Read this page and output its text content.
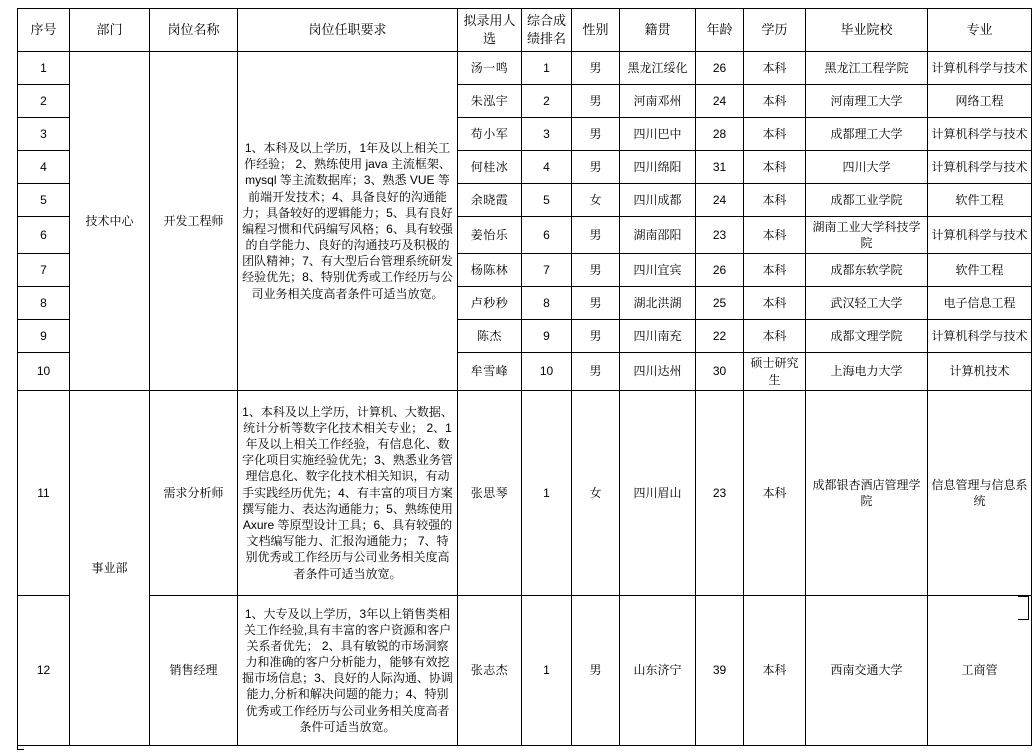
序号	部门	岗位名称	岗位任职要求	拟录用人选	综合成绩排名	性别	籍贯	年龄	学历	毕业院校	专业
1	技术中心	开发工程师	1、本科及以上学历，1年及以上相关工作经验； 2、熟练使用 java 主流框架、mysql 等主流数据库；3、熟悉 VUE 等前端开发技术；4、具备良好的沟通能力；具备较好的逻辑能力；5、具有良好编程习惯和代码编写风格；6、具有较强的自学能力、良好的沟通技巧及积极的团队精神；7、有大型后台管理系统研发经验优先；8、特别优秀或工作经历与公司业务相关度高者条件可适当放宽。	汤一鸣	1	男	黑龙江绥化	26	本科	黑龙江工程学院	计算机科学与技术
2				朱泓宇	2	男	河南邓州	24	本科	河南理工大学	网络工程
3				苟小军	3	男	四川巴中	28	本科	成都理工大学	计算机科学与技术
4				何桂冰	4	男	四川绵阳	31	本科	四川大学	计算机科学与技术
5				余晓霞	5	女	四川成都	24	本科	成都工业学院	软件工程
6				姜怡乐	6	男	湖南邵阳	23	本科	湖南工业大学科技学院	计算机科学与技术
7				杨陈林	7	男	四川宜宾	26	本科	成都东软学院	软件工程
8				卢秒秒	8	男	湖北洪湖	25	本科	武汉轻工大学	电子信息工程
9				陈杰	9	男	四川南充	22	本科	成都文理学院	计算机科学与技术
10				牟雪峰	10	男	四川达州	30	硕士研究生	上海电力大学	计算机技术
11	事业部	需求分析师	1、本科及以上学历，计算机、大数据、统计分析等数字化技术相关专业； 2、1年及以上相关工作经验，有信息化、数字化项目实施经验优先；3、熟悉业务管理信息化、数字化技术相关知识，有动手实践经历优先；4、有丰富的项目方案撰写能力、表达沟通能力；5、熟练使用 Axure 等原型设计工具；6、具有较强的文档编写能力、汇报沟通能力； 7、特别优秀或工作经历与公司业务相关度高者条件可适当放宽。	张思琴	1	女	四川眉山	23	本科	成都银杏酒店管理学院	信息管理与信息系统
12		销售经理	1、大专及以上学历，3年以上销售类相关工作经验,具有丰富的客户资源和客户关系者优先； 2、具有敏锐的市场洞察力和准确的客户分析能力，能够有效挖掘市场信息；3、良好的人际沟通、协调能力,分析和解决问题的能力；4、特别优秀或工作经历与公司业务相关度高者条件可适当放宽。	张志杰	1	男	山东济宁	39	本科	西南交通大学	工商管
